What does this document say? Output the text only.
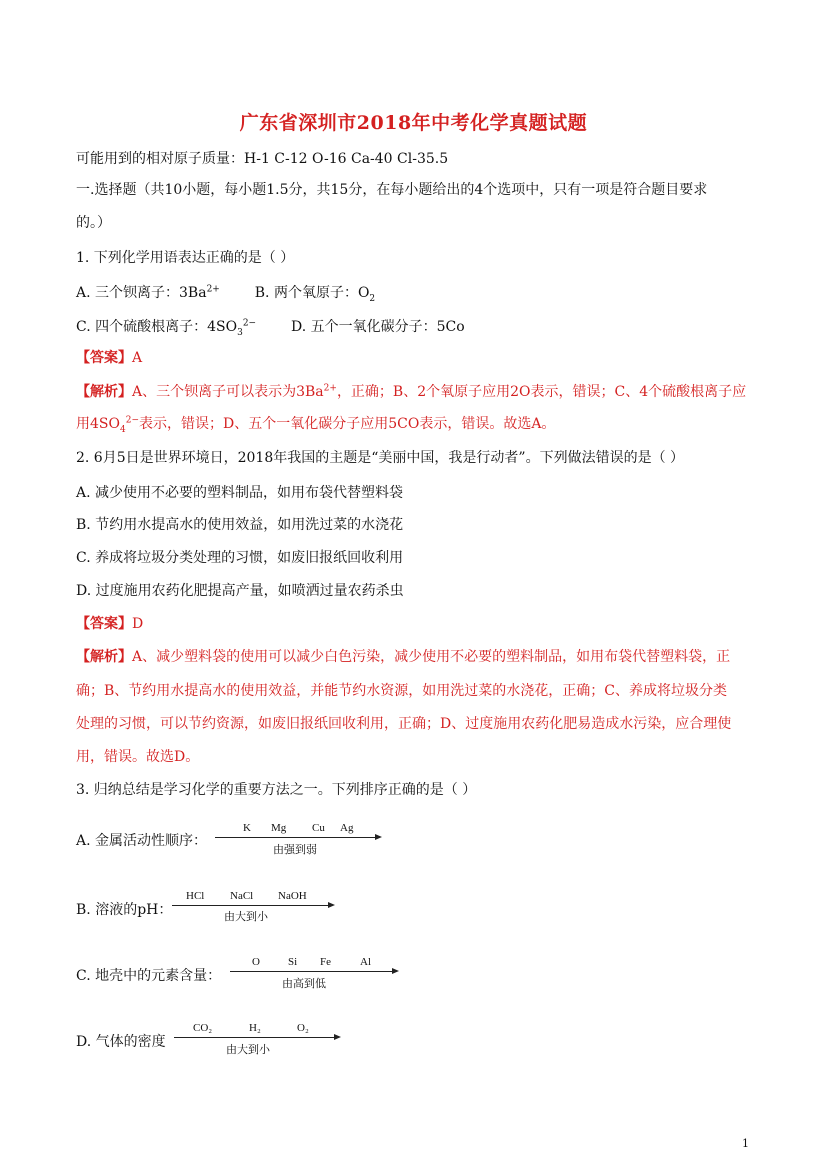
广东省深圳市2018年中考化学真题试题
可能用到的相对原子质量：H-1 C-12 O-16 Ca-40 Cl-35.5
一.选择题（共10小题，每小题1.5分，共15分，在每小题给出的4个选项中，只有一项是符合题目要求
的。）
1. 下列化学用语表达正确的是（ ）
A. 三个钡离子：$3Ba^{2+}$ B. 两个氧原子：$O_2$
C. 四个硫酸根离子：$4SO_3^{2-}$ D. 五个一氧化碳分子：5Co
【答案】A
【解析】A、三个钡离子可以表示为$3Ba^{2+}$，正确；B、2个氧原子应用2O表示，错误；C、4个硫酸根离子应
用$4SO_4^{2-}$表示，错误；D、五个一氧化碳分子应用5CO表示，错误。故选A。
2. 6月5日是世界环境日，2018年我国的主题是“美丽中国，我是行动者”。下列做法错误的是（ ）
A. 减少使用不必要的塑料制品，如用布袋代替塑料袋
B. 节约用水提高水的使用效益，如用洗过菜的水浇花
C. 养成将垃圾分类处理的习惯，如废旧报纸回收利用
D. 过度施用农药化肥提高产量，如喷洒过量农药杀虫
【答案】D
【解析】A、减少塑料袋的使用可以减少白色污染，减少使用不必要的塑料制品，如用布袋代替塑料袋，正
确；B、节约用水提高水的使用效益，并能节约水资源，如用洗过菜的水浇花，正确；C、养成将垃圾分类
处理的习惯，可以节约资源，如废旧报纸回收利用，正确；D、过度施用农药化肥易造成水污染，应合理使
用，错误。故选D。
3. 归纳总结是学习化学的重要方法之一。下列排序正确的是（ ）
A. 金属活动性顺序：
K Mg Cu Ag
由强到弱
B. 溶液的pH：
HCl NaCl NaOH
由大到小
C. 地壳中的元素含量：
O	Si Fe	Al
由高到低
D. 气体的密度
CO₂	H₂	O₂
由大到小
1
